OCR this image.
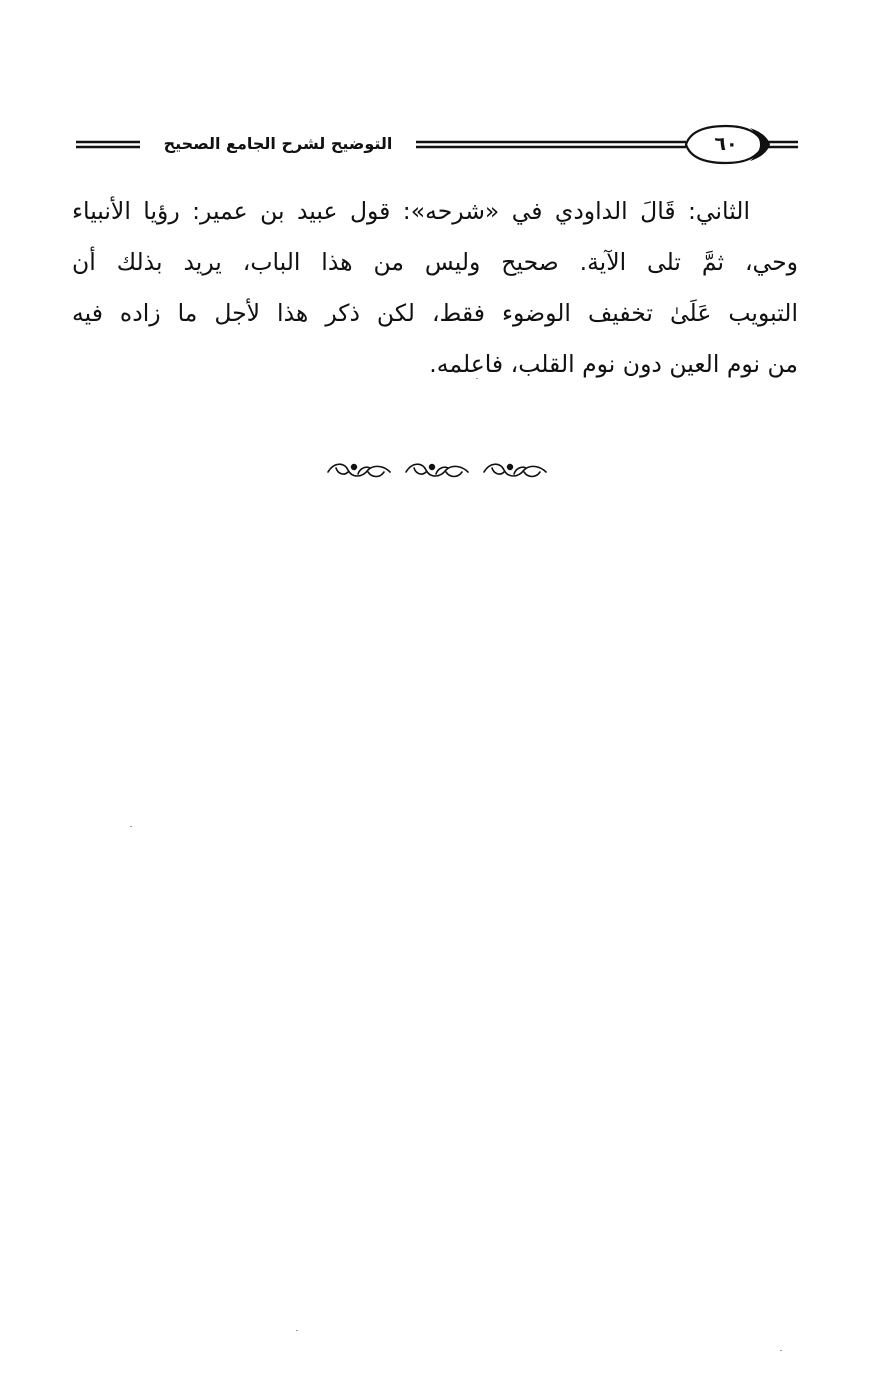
التوضيح لشرح الجامع الصحيح	٦٠
الثاني: قَالَ الداودي في «شرحه»: قول عبيد بن عمير: رؤيا الأنبياء
وحي، ثمَّ تلى الآية. صحيح وليس من هذا الباب، يريد بذلك أن
التبويب عَلَىٰ تخفيف الوضوء فقط، لكن ذكر هذا لأجل ما زاده فيه
من نوم العين دون نوم القلب، فاعلمه.
